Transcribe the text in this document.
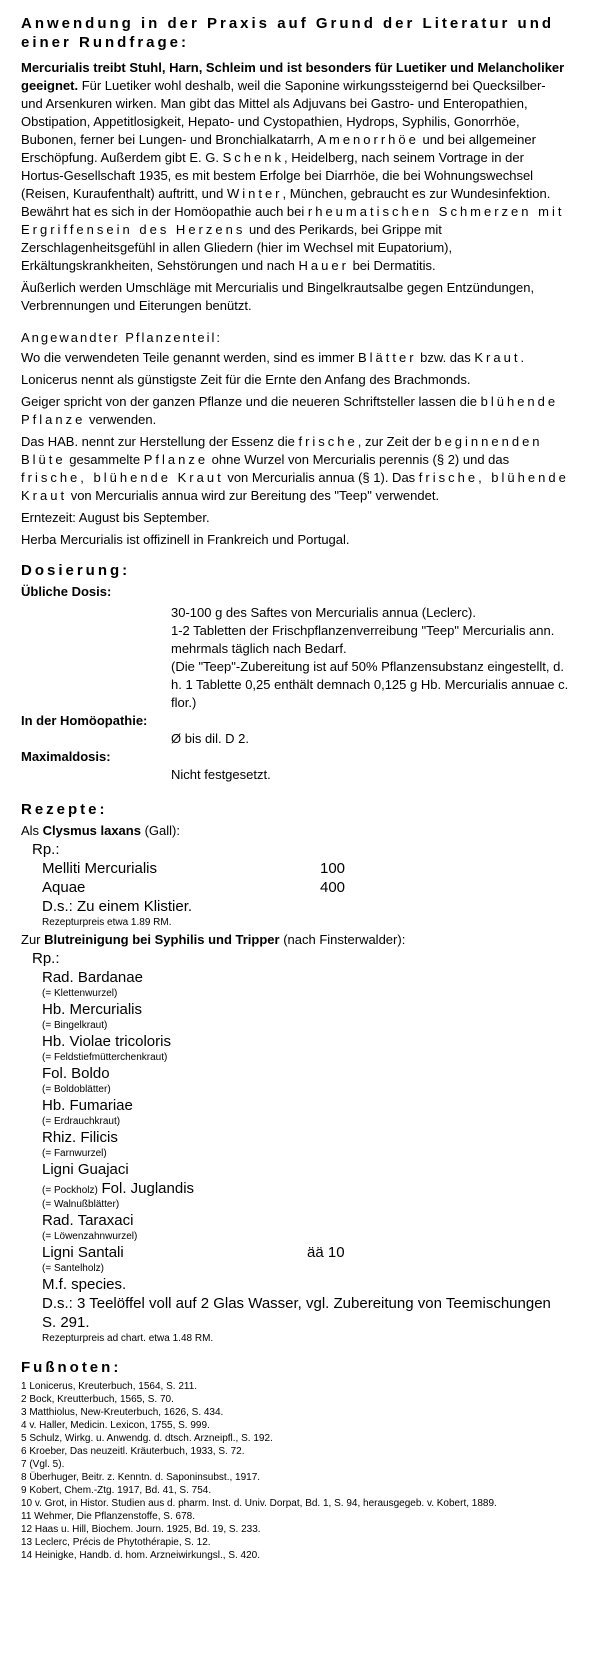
Anwendung in der Praxis auf Grund der Literatur und einer Rundfrage:
Mercurialis treibt Stuhl, Harn, Schleim und ist besonders für Luetiker und Melancholiker geeignet. Für Luetiker wohl deshalb, weil die Saponine wirkungssteigernd bei Quecksilber- und Arsenkuren wirken. Man gibt das Mittel als Adjuvans bei Gastro- und Enteropathien, Obstipation, Appetitlosigkeit, Hepato- und Cystopathien, Hydrops, Syphilis, Gonorrhöe, Bubonen, ferner bei Lungen- und Bronchialkatarrh, Amenorrhöe und bei allgemeiner Erschöpfung. Außerdem gibt E. G. Schenk, Heidelberg, nach seinem Vortrage in der Hortus-Gesellschaft 1935, es mit bestem Erfolge bei Diarrhöe, die bei Wohnungswechsel (Reisen, Kuraufenthalt) auftritt, und Winter, München, gebraucht es zur Wundesinfektion. Bewährt hat es sich in der Homöopathie auch bei rheumatischen Schmerzen mit Ergriffensein des Herzens und des Perikards, bei Grippe mit Zerschlagenheitsgefühl in allen Gliedern (hier im Wechsel mit Eupatorium), Erkältungskrankheiten, Sehstörungen und nach Hauer bei Dermatitis.
Äußerlich werden Umschläge mit Mercurialis und Bingelkrautsalbe gegen Entzündungen, Verbrennungen und Eiterungen benützt.
Angewandter Pflanzenteil:
Wo die verwendeten Teile genannt werden, sind es immer Blätter bzw. das Kraut.
Lonicerus nennt als günstigste Zeit für die Ernte den Anfang des Brachmonds.
Geiger spricht von der ganzen Pflanze und die neueren Schriftsteller lassen die blühende Pflanze verwenden.
Das HAB. nennt zur Herstellung der Essenz die frische, zur Zeit der beginnenden Blüte gesammelte Pflanze ohne Wurzel von Mercurialis perennis (§ 2) und das frische, blühende Kraut von Mercurialis annua (§ 1). Das frische, blühende Kraut von Mercurialis annua wird zur Bereitung des "Teep" verwendet.
Erntezeit: August bis September.
Herba Mercurialis ist offizinell in Frankreich und Portugal.
Dosierung:
Übliche Dosis:
30-100 g des Saftes von Mercurialis annua (Leclerc).
1-2 Tabletten der Frischpflanzenverreibung "Teep" Mercurialis ann. mehrmals täglich nach Bedarf.
(Die "Teep"-Zubereitung ist auf 50% Pflanzensubstanz eingestellt, d. h. 1 Tablette 0,25 enthält demnach 0,125 g Hb. Mercurialis annuae c. flor.)
In der Homöopathie:
Ø bis dil. D 2.
Maximaldosis:
Nicht festgesetzt.
Rezepte:
Als Clysmus laxans (Gall):
Rp.:
Melliti Mercurialis	100
Aquae	400
D.s.: Zu einem Klistier.
Rezepturpreis etwa 1.89 RM.
Zur Blutreinigung bei Syphilis und Tripper (nach Finsterwalder):
Rp.:
Rad. Bardanae
(= Klettenwurzel)
Hb. Mercurialis
(= Bingelkraut)
Hb. Violae tricoloris
(= Feldstiefmütterchenkraut)
Fol. Boldo
(= Boldoblätter)
Hb. Fumariae
(= Erdrauchkraut)
Rhiz. Filicis
(= Farnwurzel)
Ligni Guajaci
(= Pockholz) Fol. Juglandis
(= Walnußblätter)
Rad. Taraxaci
(= Löwenzahnwurzel)
Ligni Santali	ää 10
(= Santelholz)
M.f. species.
D.s.: 3 Teelöffel voll auf 2 Glas Wasser, vgl. Zubereitung von Teemischungen S. 291.
Rezepturpreis ad chart. etwa 1.48 RM.
Fußnoten:
1 Lonicerus, Kreuterbuch, 1564, S. 211.
2 Bock, Kreutterbuch, 1565, S. 70.
3 Matthiolus, New-Kreuterbuch, 1626, S. 434.
4 v. Haller, Medicin. Lexicon, 1755, S. 999.
5 Schulz, Wirkg. u. Anwendg. d. dtsch. Arzneipfl., S. 192.
6 Kroeber, Das neuzeitl. Kräuterbuch, 1933, S. 72.
7 (Vgl. 5).
8 Überhuger, Beitr. z. Kenntn. d. Saponinsubst., 1917.
9 Kobert, Chem.-Ztg. 1917, Bd. 41, S. 754.
10 v. Grot, in Histor. Studien aus d. pharm. Inst. d. Univ. Dorpat, Bd. 1, S. 94, herausgegeb. v. Kobert, 1889.
11 Wehmer, Die Pflanzenstoffe, S. 678.
12 Haas u. Hill, Biochem. Journ. 1925, Bd. 19, S. 233.
13 Leclerc, Précis de Phytothérapie, S. 12.
14 Heinigke, Handb. d. hom. Arzneiwirkungsl., S. 420.
